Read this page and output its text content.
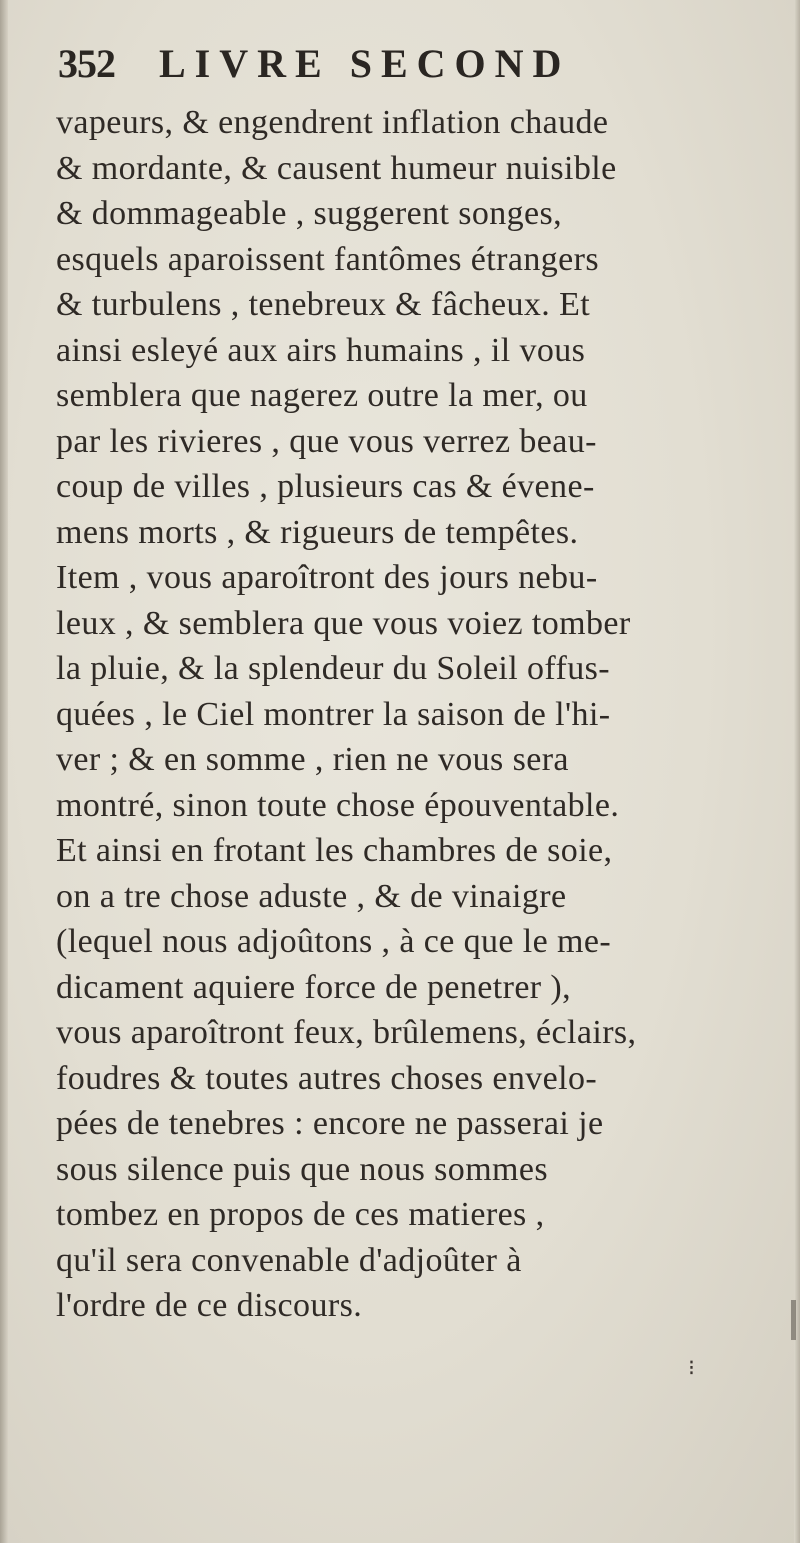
352 LIVRE SECOND
vapeurs, & engendrent inflation chaude
& mordante, & causent humeur nuisible
& dommageable , suggerent songes,
esquels aparoissent fantômes étrangers
& turbulens , tenebreux & fâcheux. Et
ainsi esleyé aux airs humains , il vous
semblera que nagerez outre la mer, ou
par les rivieres , que vous verrez beau-
coup de villes , plusieurs cas & évene-
mens morts , & rigueurs de tempêtes.
Item , vous aparoîtront des jours nebu-
leux , & semblera que vous voiez tomber
la pluie, & la splendeur du Soleil offus-
quées , le Ciel montrer la saison de l'hi-
ver ; & en somme , rien ne vous sera
montré, sinon toute chose épouventable.
Et ainsi en frotant les chambres de soie,
on a tre chose aduste , & de vinaigre
(lequel nous adjoûtons , à ce que le me-
dicament aquiere force de penetrer ),
vous aparoîtront feux, brûlemens, éclairs,
foudres & toutes autres choses envelo-
pées de tenebres : encore ne passerai je
sous silence puis que nous sommes
tombez en propos de ces matieres ,
qu'il sera convenable d'adjoûter à
l'ordre de ce discours.
⁝
